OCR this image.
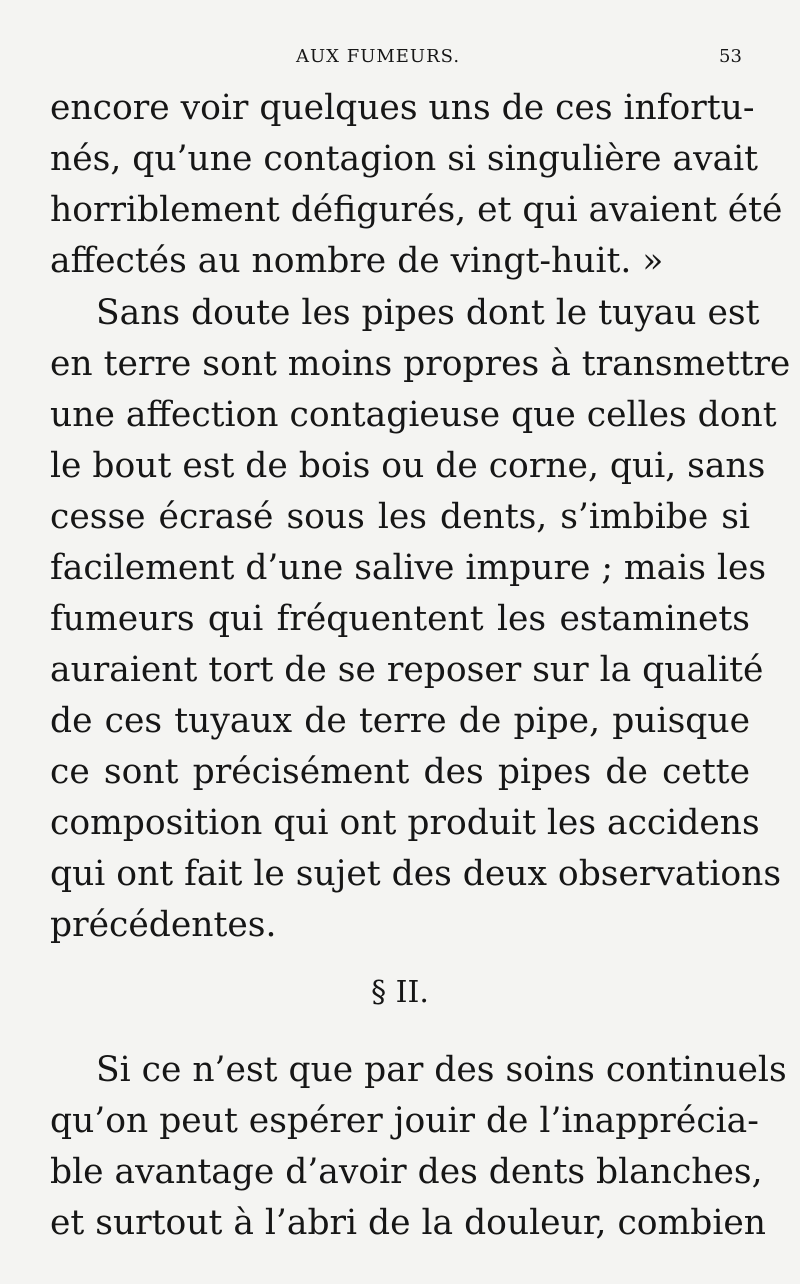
AUX FUMEURS.	53
encore voir quelques uns de ces infortu-
nés, qu’une contagion si singulière avait
horriblement défigurés, et qui avaient été
affectés au nombre de vingt-huit. »
Sans doute les pipes dont le tuyau est
en terre sont moins propres à transmettre
une affection contagieuse que celles dont
le bout est de bois ou de corne, qui, sans
cesse écrasé sous les dents, s’imbibe si
facilement d’une salive impure ; mais les
fumeurs qui fréquentent les estaminets
auraient tort de se reposer sur la qualité
de ces tuyaux de terre de pipe, puisque
ce sont précisément des pipes de cette
composition qui ont produit les accidens
qui ont fait le sujet des deux observations
précédentes.
§ II.
Si ce n’est que par des soins continuels
qu’on peut espérer jouir de l’inappréciа-
ble avantage d’avoir des dents blanches,
et surtout à l’abri de la douleur, combien
